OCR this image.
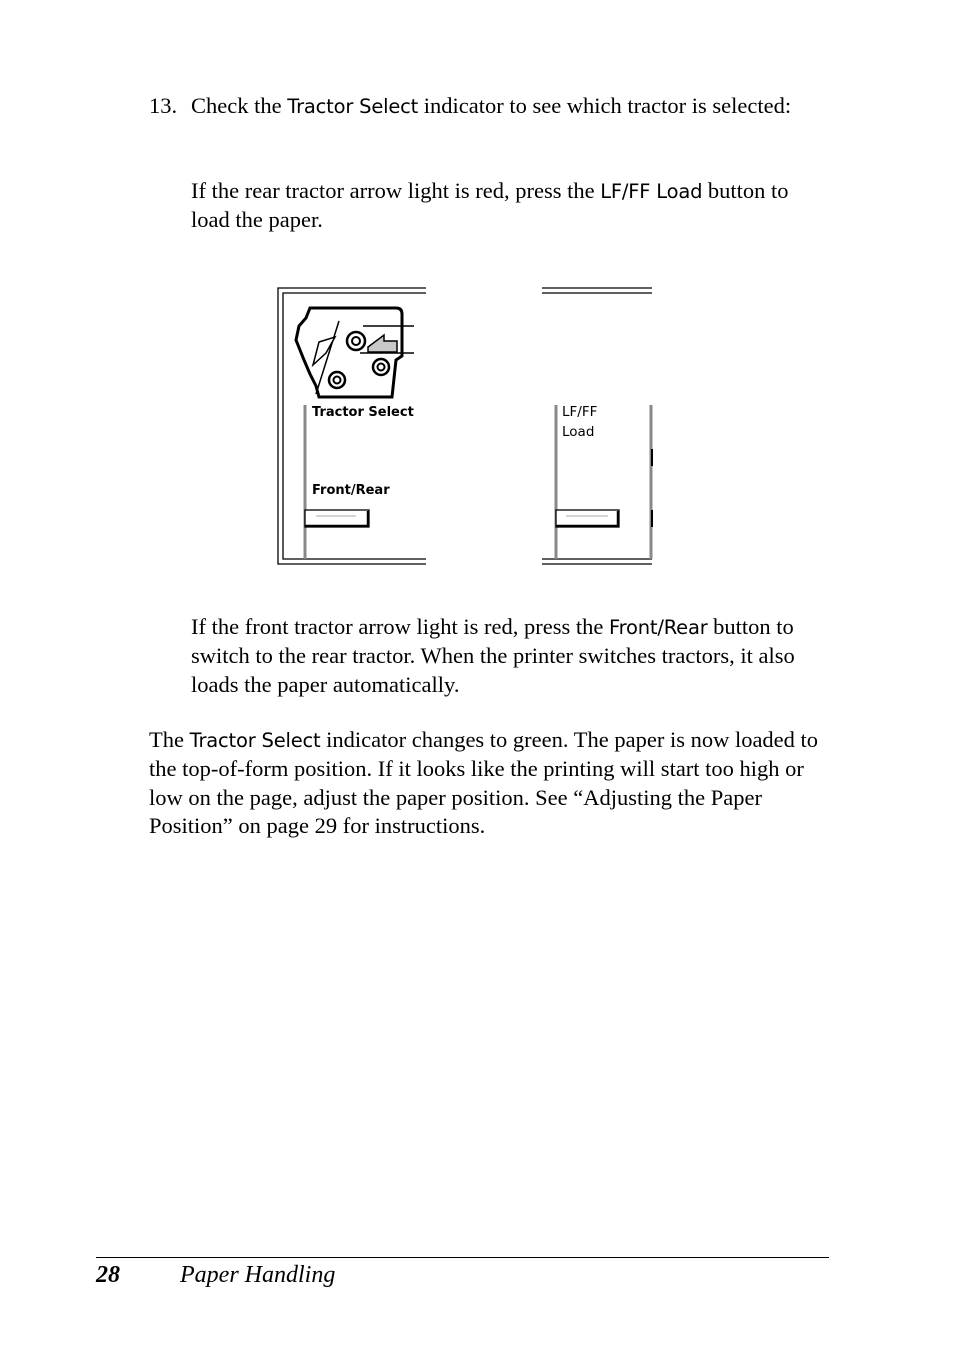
13. Check the Tractor Select indicator to see which tractor is selected:

If the rear tractor arrow light is red, press the LF/FF Load button to load the paper.

Tractor Select
Front/Rear
LF/FF
Load

If the front tractor arrow light is red, press the Front/Rear button to switch to the rear tractor. When the printer switches tractors, it also loads the paper automatically.

The Tractor Select indicator changes to green. The paper is now loaded to the top-of-form position. If it looks like the printing will start too high or low on the page, adjust the paper position. See “Adjusting the Paper Position” on page 29 for instructions.

28	Paper Handling
